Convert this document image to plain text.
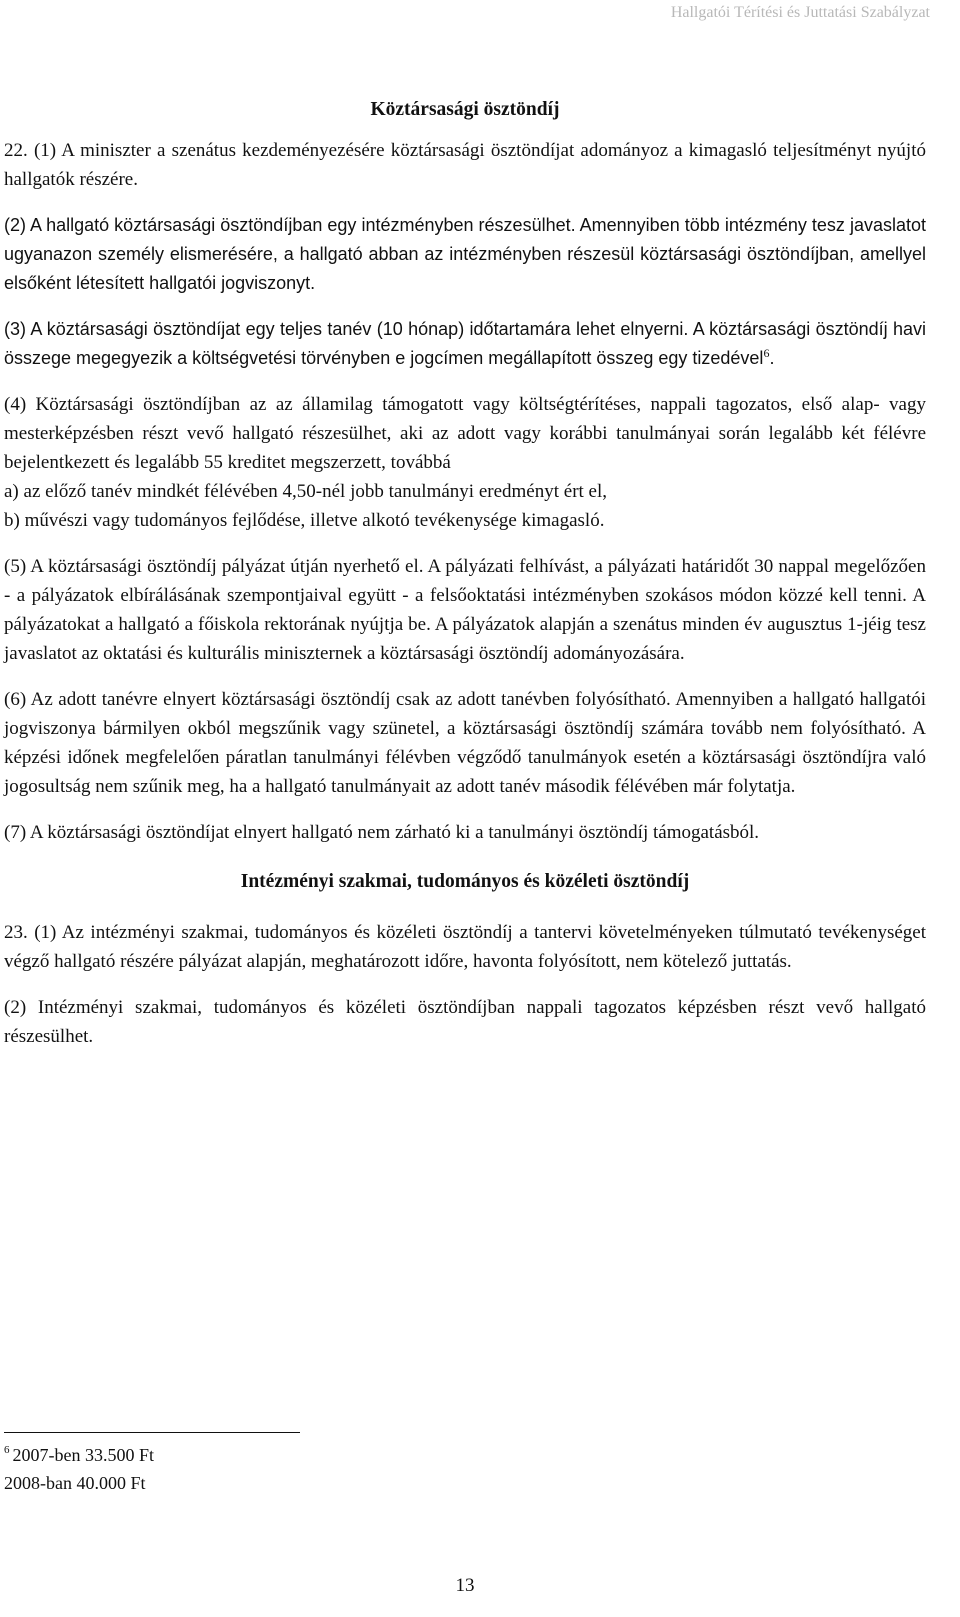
Hallgatói Térítési és Juttatási Szabályzat

Köztársasági ösztöndíj

22. (1) A miniszter a szenátus kezdeményezésére köztársasági ösztöndíjat adományoz a kimagasló teljesítményt nyújtó hallgatók részére.

(2) A hallgató köztársasági ösztöndíjban egy intézményben részesülhet. Amennyiben több intézmény tesz javaslatot ugyanazon személy elismerésére, a hallgató abban az intézményben részesül köztársasági ösztöndíjban, amellyel elsőként létesített hallgatói jogviszonyt.

(3) A köztársasági ösztöndíjat egy teljes tanév (10 hónap) időtartamára lehet elnyerni. A köztársasági ösztöndíj havi összege megegyezik a költségvetési törvényben e jogcímen megállapított összeg egy tizedével$^6$.

(4) Köztársasági ösztöndíjban az az államilag támogatott vagy költségtérítéses, nappali tagozatos, első alap- vagy mesterképzésben részt vevő hallgató részesülhet, aki az adott vagy korábbi tanulmányai során legalább két félévre bejelentkezett és legalább 55 kreditet megszerzett, továbbá
a) az előző tanév mindkét félévében 4,50-nél jobb tanulmányi eredményt ért el,
b) művészi vagy tudományos fejlődése, illetve alkotó tevékenysége kimagasló.

(5) A köztársasági ösztöndíj pályázat útján nyerhető el. A pályázati felhívást, a pályázati határidőt 30 nappal megelőzően - a pályázatok elbírálásának szempontjaival együtt - a felsőoktatási intézményben szokásos módon közzé kell tenni. A pályázatokat a hallgató a főiskola rektorának nyújtja be. A pályázatok alapján a szenátus minden év augusztus 1-jéig tesz javaslatot az oktatási és kulturális miniszternek a köztársasági ösztöndíj adományozására.

(6) Az adott tanévre elnyert köztársasági ösztöndíj csak az adott tanévben folyósítható. Amennyiben a hallgató hallgatói jogviszonya bármilyen okból megszűnik vagy szünetel, a köztársasági ösztöndíj számára tovább nem folyósítható. A képzési időnek megfelelően páratlan tanulmányi félévben végződő tanulmányok esetén a köztársasági ösztöndíjra való jogosultság nem szűnik meg, ha a hallgató tanulmányait az adott tanév második félévében már folytatja.

(7) A köztársasági ösztöndíjat elnyert hallgató nem zárható ki a tanulmányi ösztöndíj támogatásból.

Intézményi szakmai, tudományos és közéleti ösztöndíj

23. (1) Az intézményi szakmai, tudományos és közéleti ösztöndíj a tantervi követelményeken túlmutató tevékenységet végző hallgató részére pályázat alapján, meghatározott időre, havonta folyósított, nem kötelező juttatás.

(2) Intézményi szakmai, tudományos és közéleti ösztöndíjban nappali tagozatos képzésben részt vevő hallgató részesülhet.

$^6$ 2007-ben 33.500 Ft
2008-ban 40.000 Ft
13
